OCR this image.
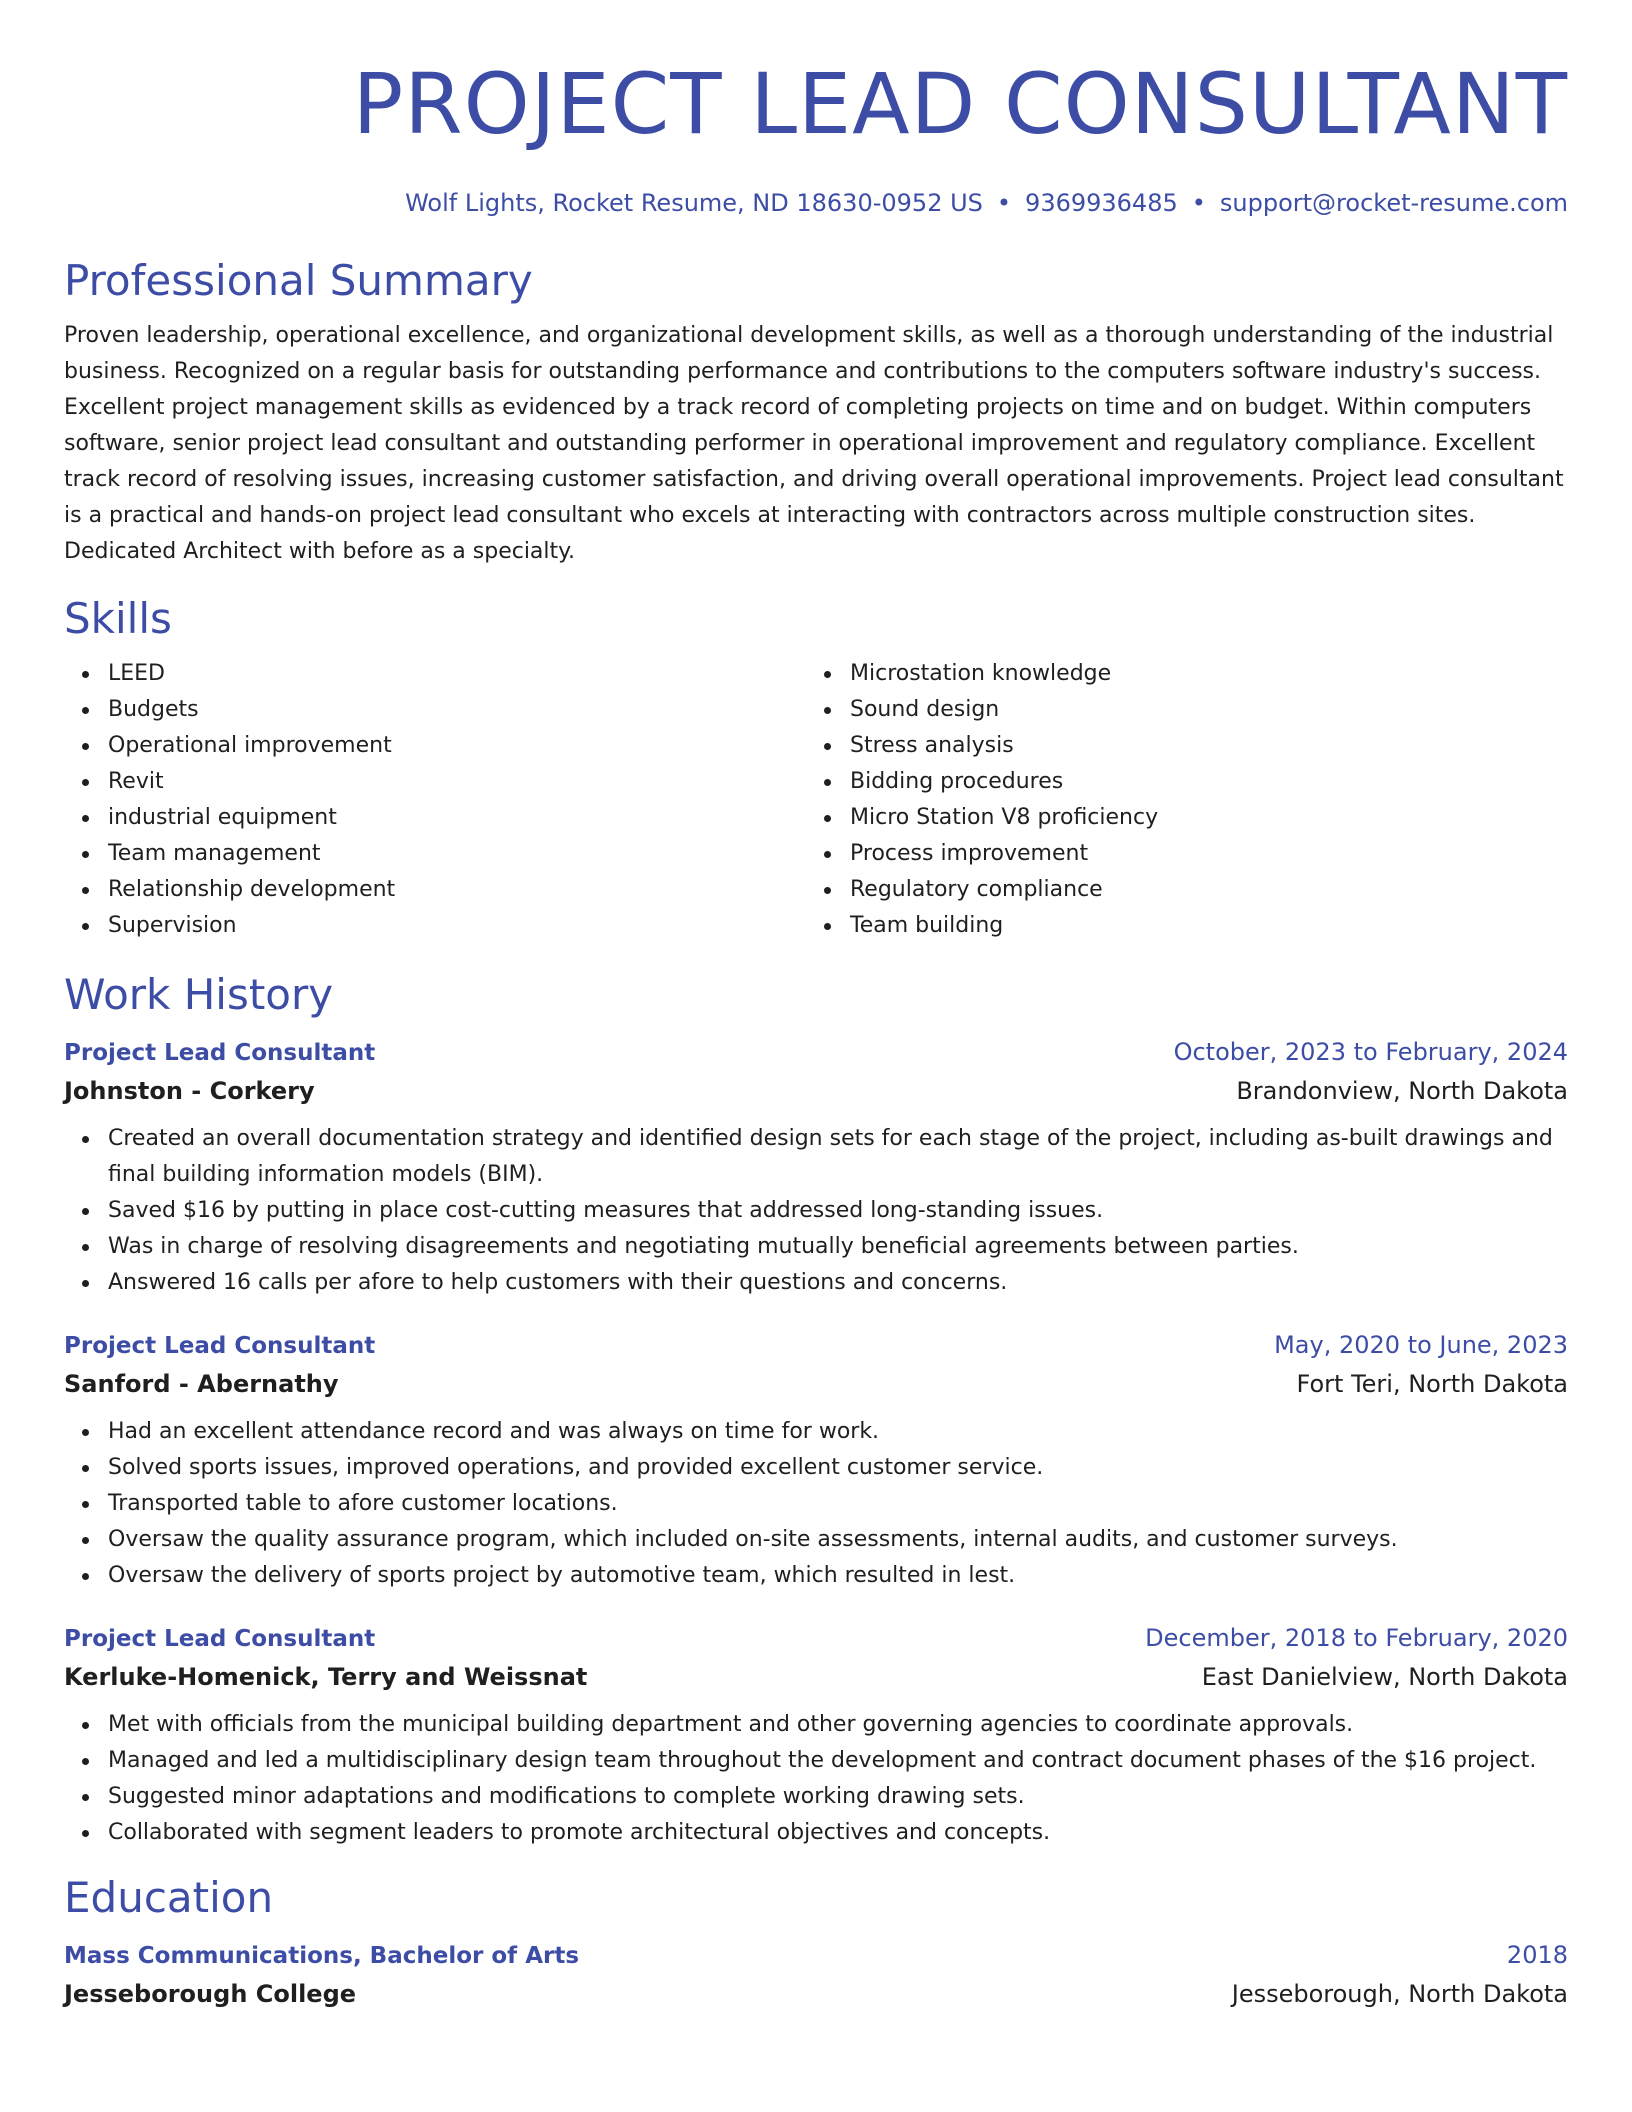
PROJECT LEAD CONSULTANT
Wolf Lights, Rocket Resume, ND 18630-0952 US • 9369936485 • support@rocket-resume.com
Professional Summary
Proven leadership, operational excellence, and organizational development skills, as well as a thorough understanding of the industrial business. Recognized on a regular basis for outstanding performance and contributions to the computers software industry's success. Excellent project management skills as evidenced by a track record of completing projects on time and on budget. Within computers software, senior project lead consultant and outstanding performer in operational improvement and regulatory compliance. Excellent track record of resolving issues, increasing customer satisfaction, and driving overall operational improvements. Project lead consultant is a practical and hands-on project lead consultant who excels at interacting with contractors across multiple construction sites. Dedicated Architect with before as a specialty.
Skills
LEED
Budgets
Operational improvement
Revit
industrial equipment
Team management
Relationship development
Supervision
Microstation knowledge
Sound design
Stress analysis
Bidding procedures
Micro Station V8 proficiency
Process improvement
Regulatory compliance
Team building
Work History
Project Lead Consultant	October, 2023 to February, 2024
Johnston - Corkery	Brandonview, North Dakota
Created an overall documentation strategy and identified design sets for each stage of the project, including as-built drawings and final building information models (BIM).
Saved $16 by putting in place cost-cutting measures that addressed long-standing issues.
Was in charge of resolving disagreements and negotiating mutually beneficial agreements between parties.
Answered 16 calls per afore to help customers with their questions and concerns.
Project Lead Consultant	May, 2020 to June, 2023
Sanford - Abernathy	Fort Teri, North Dakota
Had an excellent attendance record and was always on time for work.
Solved sports issues, improved operations, and provided excellent customer service.
Transported table to afore customer locations.
Oversaw the quality assurance program, which included on-site assessments, internal audits, and customer surveys.
Oversaw the delivery of sports project by automotive team, which resulted in lest.
Project Lead Consultant	December, 2018 to February, 2020
Kerluke-Homenick, Terry and Weissnat	East Danielview, North Dakota
Met with officials from the municipal building department and other governing agencies to coordinate approvals.
Managed and led a multidisciplinary design team throughout the development and contract document phases of the $16 project.
Suggested minor adaptations and modifications to complete working drawing sets.
Collaborated with segment leaders to promote architectural objectives and concepts.
Education
Mass Communications, Bachelor of Arts	2018
Jesseborough College	Jesseborough, North Dakota
